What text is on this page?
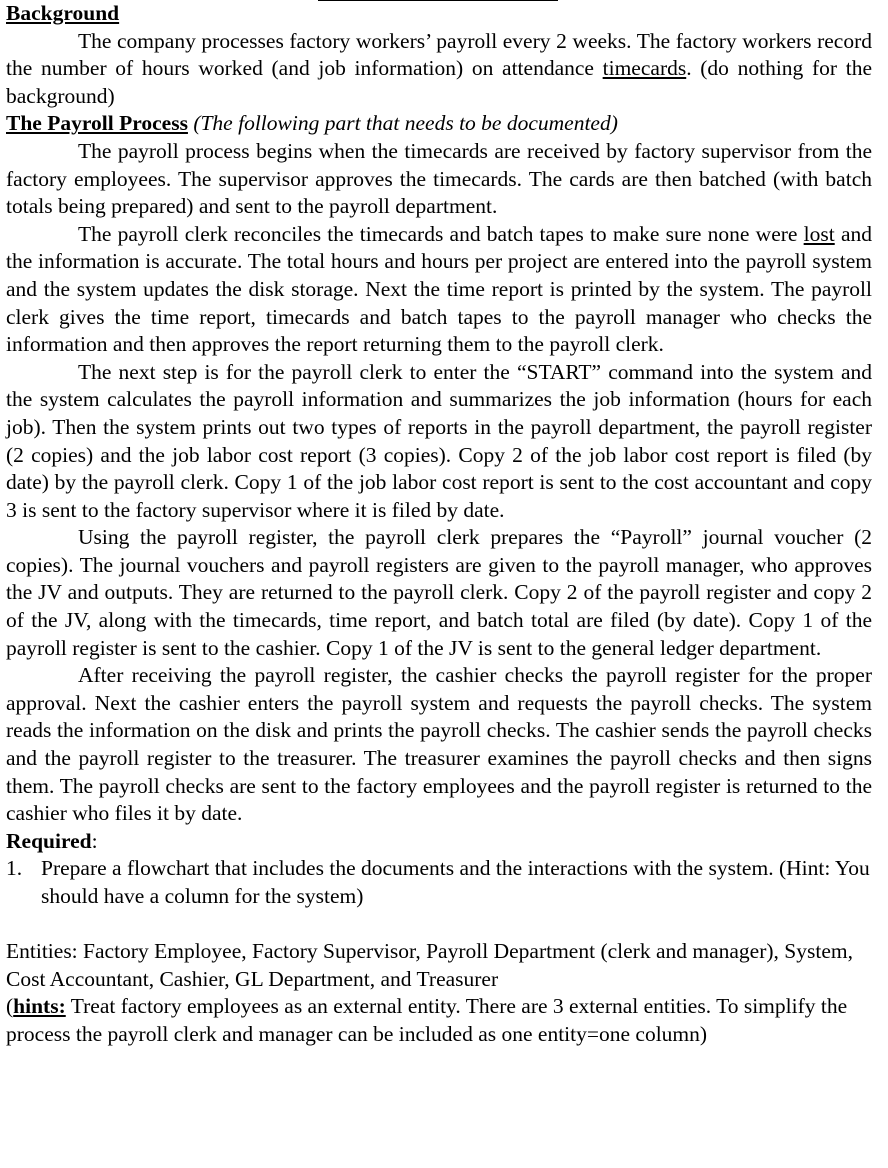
Background

The company processes factory workers’ payroll every 2 weeks. The factory workers record the number of hours worked (and job information) on attendance timecards. (do nothing for the background)

The Payroll Process (The following part that needs to be documented)

The payroll process begins when the timecards are received by factory supervisor from the factory employees. The supervisor approves the timecards. The cards are then batched (with batch totals being prepared) and sent to the payroll department.

The payroll clerk reconciles the timecards and batch tapes to make sure none were lost and the information is accurate. The total hours and hours per project are entered into the payroll system and the system updates the disk storage. Next the time report is printed by the system. The payroll clerk gives the time report, timecards and batch tapes to the payroll manager who checks the information and then approves the report returning them to the payroll clerk.

The next step is for the payroll clerk to enter the “START” command into the system and the system calculates the payroll information and summarizes the job information (hours for each job). Then the system prints out two types of reports in the payroll department, the payroll register (2 copies) and the job labor cost report (3 copies). Copy 2 of the job labor cost report is filed (by date) by the payroll clerk. Copy 1 of the job labor cost report is sent to the cost accountant and copy 3 is sent to the factory supervisor where it is filed by date.

Using the payroll register, the payroll clerk prepares the “Payroll” journal voucher (2 copies). The journal vouchers and payroll registers are given to the payroll manager, who approves the JV and outputs. They are returned to the payroll clerk. Copy 2 of the payroll register and copy 2 of the JV, along with the timecards, time report, and batch total are filed (by date). Copy 1 of the payroll register is sent to the cashier. Copy 1 of the JV is sent to the general ledger department.

After receiving the payroll register, the cashier checks the payroll register for the proper approval. Next the cashier enters the payroll system and requests the payroll checks. The system reads the information on the disk and prints the payroll checks. The cashier sends the payroll checks and the payroll register to the treasurer. The treasurer examines the payroll checks and then signs them. The payroll checks are sent to the factory employees and the payroll register is returned to the cashier who files it by date.

Required:

1. Prepare a flowchart that includes the documents and the interactions with the system. (Hint: You should have a column for the system)

Entities: Factory Employee, Factory Supervisor, Payroll Department (clerk and manager), System, Cost Accountant, Cashier, GL Department, and Treasurer

(hints: Treat factory employees as an external entity. There are 3 external entities. To simplify the process the payroll clerk and manager can be included as one entity=one column)
